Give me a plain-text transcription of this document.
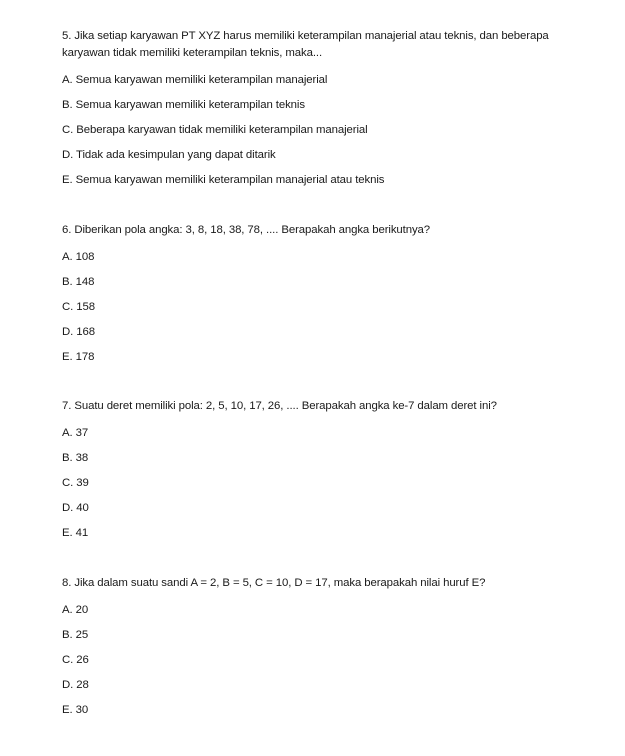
5. Jika setiap karyawan PT XYZ harus memiliki keterampilan manajerial atau teknis, dan beberapa karyawan tidak memiliki keterampilan teknis, maka...

A. Semua karyawan memiliki keterampilan manajerial
B. Semua karyawan memiliki keterampilan teknis
C. Beberapa karyawan tidak memiliki keterampilan manajerial
D. Tidak ada kesimpulan yang dapat ditarik
E. Semua karyawan memiliki keterampilan manajerial atau teknis

6. Diberikan pola angka: 3, 8, 18, 38, 78, .... Berapakah angka berikutnya?

A. 108
B. 148
C. 158
D. 168
E. 178

7. Suatu deret memiliki pola: 2, 5, 10, 17, 26, .... Berapakah angka ke-7 dalam deret ini?

A. 37
B. 38
C. 39
D. 40
E. 41

8. Jika dalam suatu sandi A = 2, B = 5, C = 10, D = 17, maka berapakah nilai huruf E?

A. 20
B. 25
C. 26
D. 28
E. 30
